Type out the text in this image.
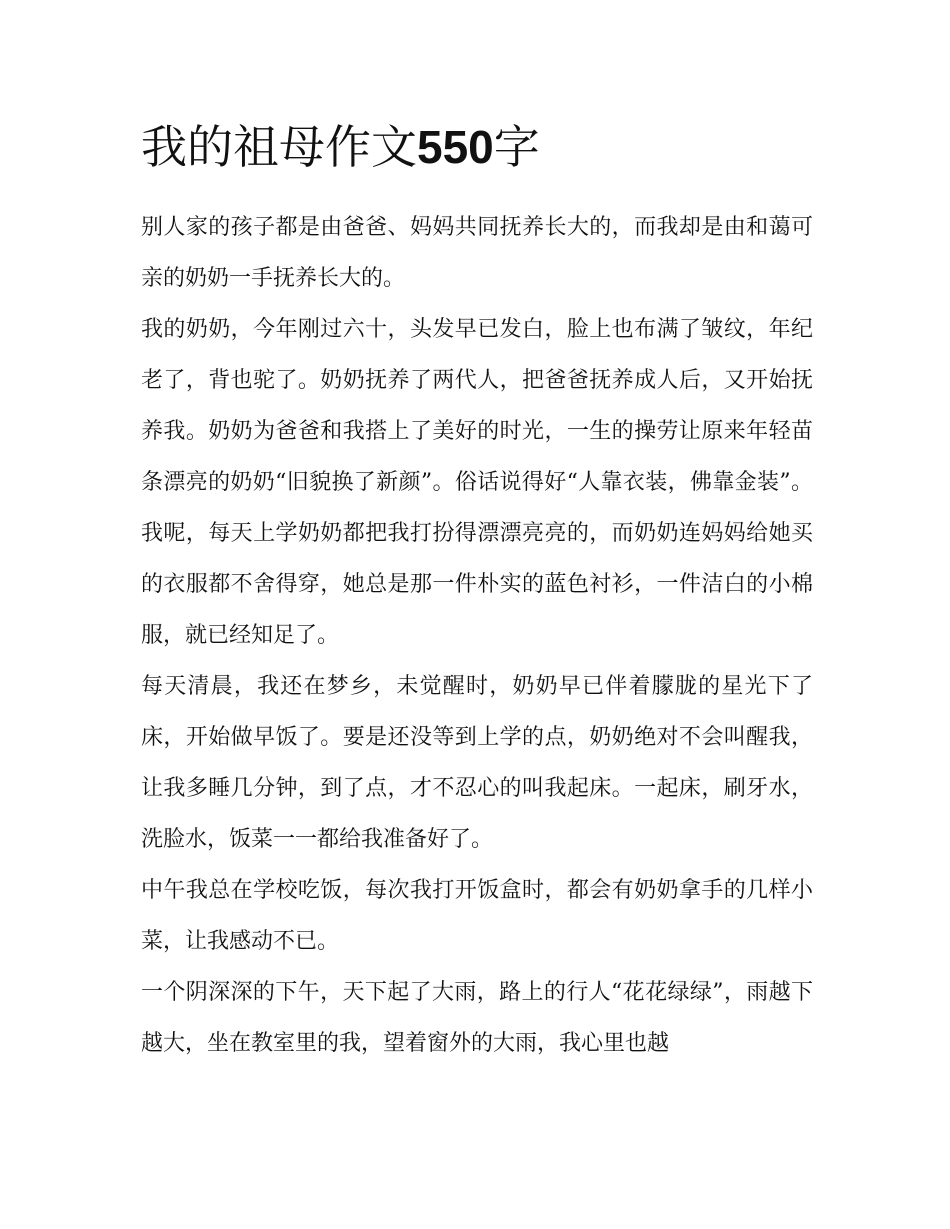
我的祖母作文550字

别人家的孩子都是由爸爸、妈妈共同抚养长大的，而我却是由和蔼可亲的奶奶一手抚养长大的。

我的奶奶，今年刚过六十，头发早已发白，脸上也布满了皱纹，年纪老了，背也驼了。奶奶抚养了两代人，把爸爸抚养成人后，又开始抚养我。奶奶为爸爸和我搭上了美好的时光，一生的操劳让原来年轻苗条漂亮的奶奶“旧貌换了新颜”。俗话说得好“人靠衣装，佛靠金装”。我呢，每天上学奶奶都把我打扮得漂漂亮亮的，而奶奶连妈妈给她买的衣服都不舍得穿，她总是那一件朴实的蓝色衬衫，一件洁白的小棉服，就已经知足了。

每天清晨，我还在梦乡，未觉醒时，奶奶早已伴着朦胧的星光下了床，开始做早饭了。要是还没等到上学的点，奶奶绝对不会叫醒我，让我多睡几分钟，到了点，才不忍心的叫我起床。一起床，刷牙水，洗脸水，饭菜一一都给我准备好了。

中午我总在学校吃饭，每次我打开饭盒时，都会有奶奶拿手的几样小菜，让我感动不已。

一个阴深深的下午，天下起了大雨，路上的行人“花花绿绿”，雨越下越大，坐在教室里的我，望着窗外的大雨，我心里也越
